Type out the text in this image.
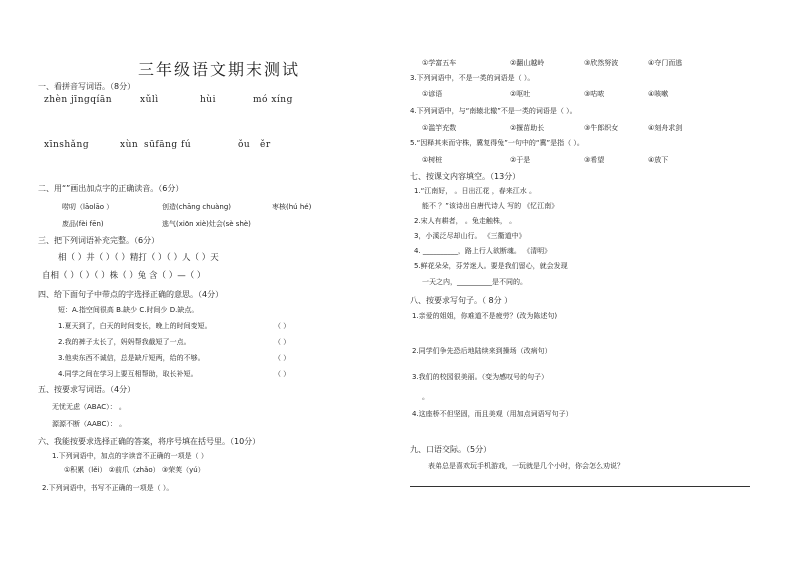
三年级语文期末测试
一、看拼音写词语。（8分）
zhèn jīngqíān	xǔlì	hùi	mó xíng
xīnshǎng	xùn sūfāng fú	ǒu ěr
二、用“”画出加点字的正确读音。（6分）
唠叨（lāolāo ）	创造(chāng chuàng)	枣核(hú hé)
废品(fèi fēn)	逃气(xiōn xiè)灶会(sè shè)
三、把下列词语补充完整。（6分）
相（ ）井（ ）（ ）精打（ ）（ ）人（ ）天
自相（ ）（ ）（ ）株（ ）兔 含（ ）—（ ）
四、给下面句子中带点的字选择正确的意思。（4分）
短：A.指空间很高 B.缺少 C.时间少 D.缺点。
1.夏天到了，白天的时间变长，晚上的时间变短。	（ ）
2.我的裤子太长了，妈妈帮我截短了一点。	（ ）
3.他卖东西不诚信，总是缺斤短两，给的不够。	（ ）
4.同学之间在学习上要互相帮助，取长补短。	（ ）
五、按要求写词语。（4分）
无忧无虑（ABAC）： 。
源源不断（AABC）： 。
六、我能按要求选择正确的答案，将序号填在括号里。（10分）
1.下列词语中，加点的字读音不正确的一项是（ ）
①积累（lěi） ②前爪（zhǎo） ③荣荚（yú）
2.下列词语中，书写不正确的一项是（ ）。
①学富五车	②翻山越岭	③欣然努波	④夺门而逃
3.下列词语中，不是一类的词语是（ ）。
①谚语	②呕吐	③咕哝	④咳嗽
4.下列词语中，与“南辕北辙”不是一类的词语是（ ）。
①滥竽充数	②揠苗助长	③牛郎织女	④刻舟求剑
5.“因释其耒而守株，冀复得兔”一句中的“冀”是指（ ）。
①树桩	②于是	③希望	④放下
七、按课文内容填空。（13分）
1.“江南好， 。日出江花 ，春来江水 。
能不 ？”该诗出自唐代诗人 写的 《忆江南》
2.宋人有耕者， 。兔走触株， 。
3，小溪泛尽却山行。 《三衢道中》
4. __________，路上行人欲断魂。 《清明》
5.鲜花朵朵，芬芳迷人。要是我们留心，就会发现
一天之内，__________是不同的。
八、按要求写句子。（ 8分 ）
1.亲爱的姐姐，你难道不是疲劳？(改为陈述句)
2.同学们争先恐后地陆续来到操场（改病句）
3.我们的校园很美丽。（变为感叹号的句子）
。
4.这座桥不但坚固，而且美观（用加点词语写句子）
九、口语交际。（5分）
表弟总是喜欢玩手机游戏，一玩就是几个小时，你会怎么劝说？
